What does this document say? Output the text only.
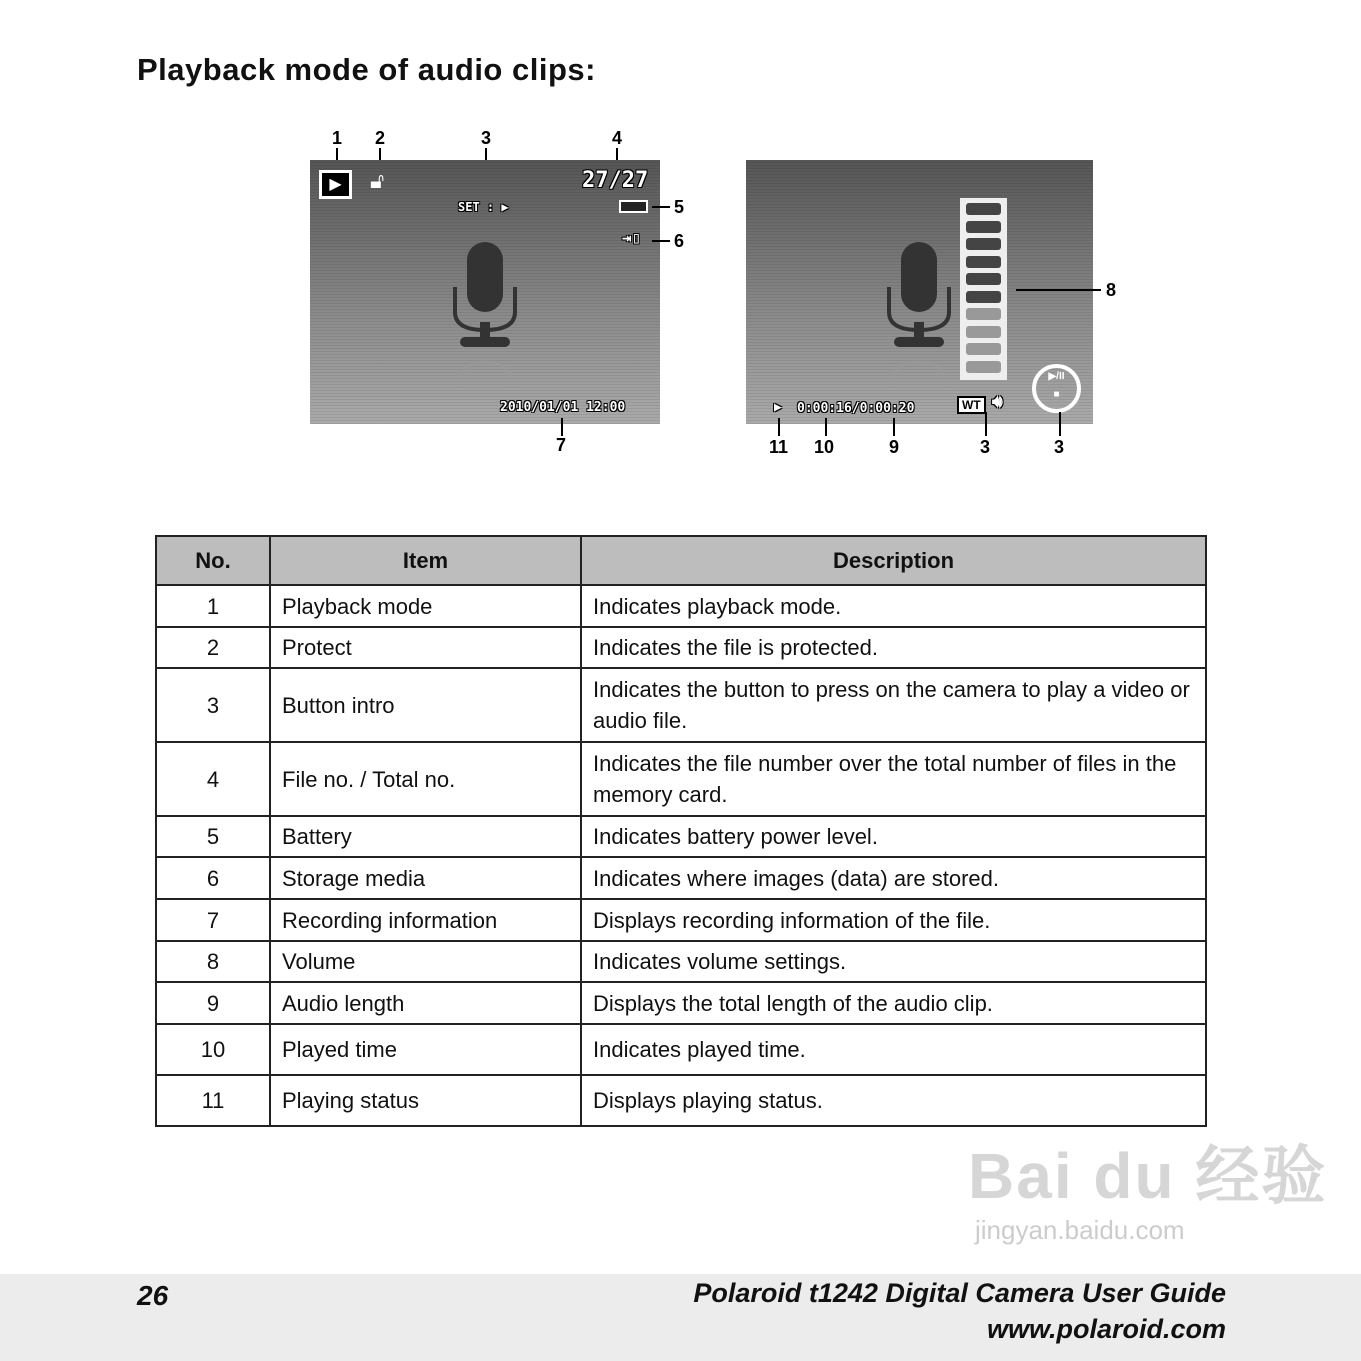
Playback mode of audio clips:
1 2	3	4
▶	🔓︎
SET : ▶
27/27
⇥▯
2010/01/01 12:00
5
6
7
▶ 0:00:16/0:00:20	WT 🔊︎
▶/II
■
8
11 10	9	3	3
No.	Item	Description
1	Playback mode	Indicates playback mode.
2	Protect	Indicates the file is protected.
3	Button intro	Indicates the button to press on the camera to play a video or audio file.
4	File no. / Total no.	Indicates the file number over the total number of files in the memory card.
5	Battery	Indicates battery power level.
6	Storage media	Indicates where images (data) are stored.
7	Recording information	Displays recording information of the file.
8	Volume	Indicates volume settings.
9	Audio length	Displays the total length of the audio clip.
10	Played time	Indicates played time.
11	Playing status	Displays playing status.
Bai du 经验
jingyan.baidu.com
26	Polaroid t1242 Digital Camera User Guide
www.polaroid.com
